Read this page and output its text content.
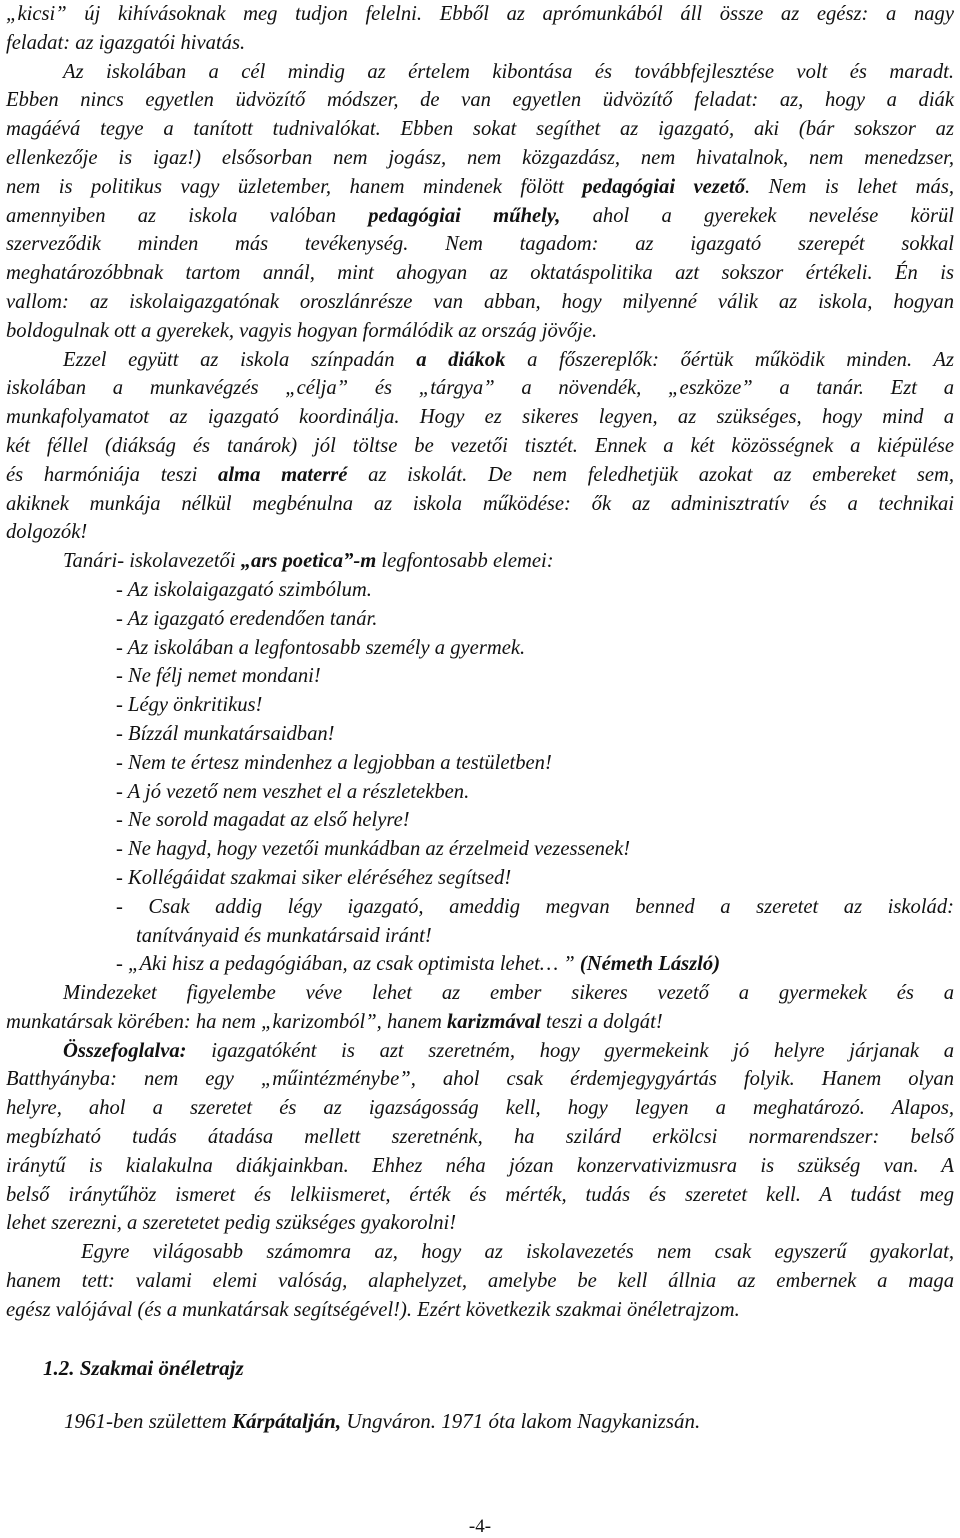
„kicsi” új kihívásoknak meg tudjon felelni. Ebből az aprómunkából áll össze az egész: a nagy
feladat: az igazgatói hivatás.
Az iskolában a cél mindig az értelem kibontása és továbbfejlesztése volt és maradt.
Ebben nincs egyetlen üdvözítő módszer, de van egyetlen üdvözítő feladat: az, hogy a diák
magáévá tegye a tanított tudnivalókat. Ebben sokat segíthet az igazgató, aki (bár sokszor az
ellenkezője is igaz!) elsősorban nem jogász, nem közgazdász, nem hivatalnok, nem menedzser,
nem is politikus vagy üzletember, hanem mindenek fölött pedagógiai vezető. Nem is lehet más,
amennyiben az iskola valóban pedagógiai műhely, ahol a gyerekek nevelése körül
szerveződik minden más tevékenység. Nem tagadom: az igazgató szerepét sokkal
meghatározóbbnak tartom annál, mint ahogyan az oktatáspolitika azt sokszor értékeli. Én is
vallom: az iskolaigazgatónak oroszlánrésze van abban, hogy milyenné válik az iskola, hogyan
boldogulnak ott a gyerekek, vagyis hogyan formálódik az ország jövője.
Ezzel együtt az iskola színpadán a diákok a főszereplők: őértük működik minden. Az
iskolában a munkavégzés „célja” és „tárgya” a növendék, „eszköze” a tanár. Ezt a
munkafolyamatot az igazgató koordinálja. Hogy ez sikeres legyen, az szükséges, hogy mind a
két féllel (diákság és tanárok) jól töltse be vezetői tisztét. Ennek a két közösségnek a kiépülése
és harmóniája teszi alma materré az iskolát. De nem feledhetjük azokat az embereket sem,
akiknek munkája nélkül megbénulna az iskola működése: ők az adminisztratív és a technikai
dolgozók!
Tanári- iskolavezetői „ars poetica”-m legfontosabb elemei:
- Az iskolaigazgató szimbólum.
- Az igazgató eredendően tanár.
- Az iskolában a legfontosabb személy a gyermek.
- Ne félj nemet mondani!
- Légy önkritikus!
- Bízzál munkatársaidban!
- Nem te értesz mindenhez a legjobban a testületben!
- A jó vezető nem veszhet el a részletekben.
- Ne sorold magadat az első helyre!
- Ne hagyd, hogy vezetői munkádban az érzelmeid vezessenek!
- Kollégáidat szakmai siker eléréséhez segítsed!
- Csak addig légy igazgató, ameddig megvan benned a szeretet az iskolád:
tanítványaid és munkatársaid iránt!
- „Aki hisz a pedagógiában, az csak optimista lehet… ” (Németh László)
Mindezeket figyelembe véve lehet az ember sikeres vezető a gyermekek és a
munkatársak körében: ha nem „karizomból”, hanem karizmával teszi a dolgát!
Összefoglalva: igazgatóként is azt szeretném, hogy gyermekeink jó helyre járjanak a
Batthyányba: nem egy „műintézménybe”, ahol csak érdemjegygyártás folyik. Hanem olyan
helyre, ahol a szeretet és az igazságosság kell, hogy legyen a meghatározó. Alapos,
megbízható tudás átadása mellett szeretnénk, ha szilárd erkölcsi normarendszer: belső
iránytű is kialakulna diákjainkban. Ehhez néha józan konzervativizmusra is szükség van. A
belső iránytűhöz ismeret és lelkiismeret, érték és mérték, tudás és szeretet kell. A tudást meg
lehet szerezni, a szeretetet pedig szükséges gyakorolni!
Egyre világosabb számomra az, hogy az iskolavezetés nem csak egyszerű gyakorlat,
hanem tett: valami elemi valóság, alaphelyzet, amelybe be kell állnia az embernek a maga
egész valójával (és a munkatársak segítségével!). Ezért következik szakmai önéletrajzom.
1.2. Szakmai önéletrajz
1961-ben születtem Kárpátalján, Ungváron. 1971 óta lakom Nagykanizsán.
-4-
